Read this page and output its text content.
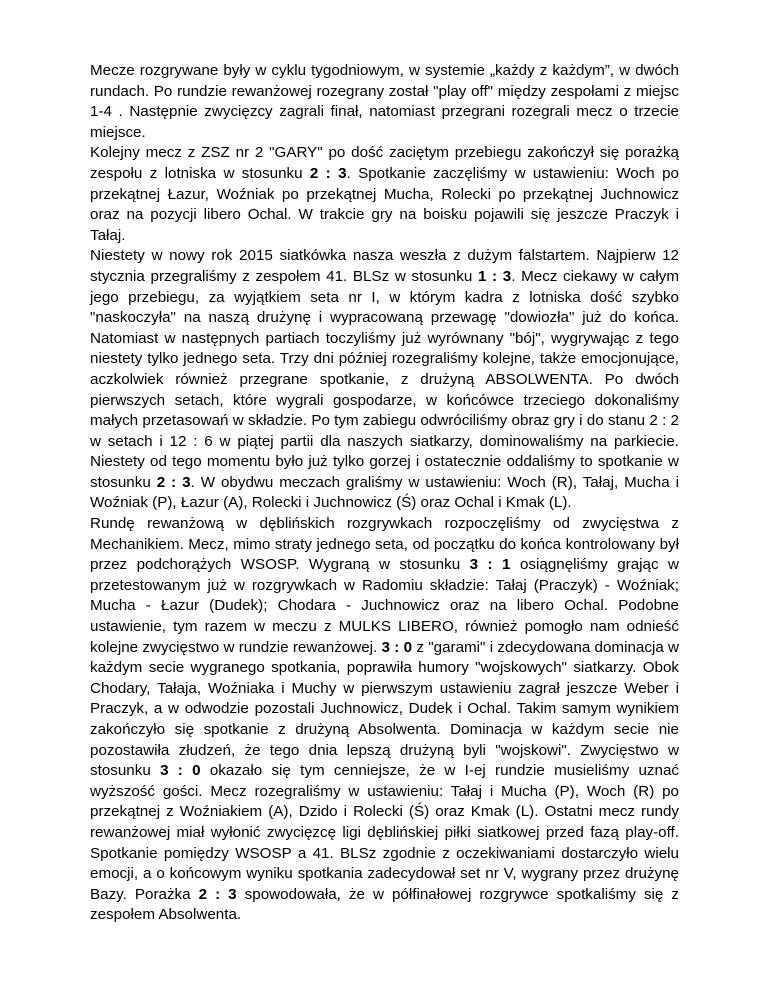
Mecze rozgrywane były w cyklu tygodniowym, w systemie „każdy z każdym”, w dwóch rundach. Po rundzie rewanżowej rozegrany został "play off" między zespołami z miejsc 1-4 . Następnie zwycięzcy zagrali finał, natomiast przegrani rozegrali mecz o trzecie miejsce.

Kolejny mecz z ZSZ nr 2 "GARY" po dość zaciętym przebiegu zakończył się porażką zespołu z lotniska w stosunku 2 : 3. Spotkanie zaczęliśmy w ustawieniu: Woch po przekątnej Łazur, Woźniak po przekątnej Mucha, Rolecki po przekątnej Juchnowicz oraz na pozycji libero Ochal. W trakcie gry na boisku pojawili się jeszcze Praczyk i Tałaj.

Niestety w nowy rok 2015 siatkówka nasza weszła z dużym falstartem. Najpierw 12 stycznia przegraliśmy z zespołem 41. BLSz w stosunku 1 : 3. Mecz ciekawy w całym jego przebiegu, za wyjątkiem seta nr I, w którym kadra z lotniska dość szybko "naskoczyła" na naszą drużynę i wypracowaną przewagę "dowiozła" już do końca. Natomiast w następnych partiach toczyliśmy już wyrównany "bój", wygrywając z tego niestety tylko jednego seta. Trzy dni później rozegraliśmy kolejne, także emocjonujące, aczkolwiek również przegrane spotkanie, z drużyną ABSOLWENTA. Po dwóch pierwszych setach, które wygrali gospodarze, w końcówce trzeciego dokonaliśmy małych przetasowań w składzie. Po tym zabiegu odwróciliśmy obraz gry i do stanu 2 : 2 w setach i 12 : 6 w piątej partii dla naszych siatkarzy, dominowaliśmy na parkiecie. Niestety od tego momentu było już tylko gorzej i ostatecznie oddaliśmy to spotkanie w stosunku 2 : 3. W obydwu meczach graliśmy w ustawieniu: Woch (R), Tałaj, Mucha i Woźniak (P), Łazur (A), Rolecki i Juchnowicz (Ś) oraz Ochal i Kmak (L).

Rundę rewanżową w dęblińskich rozgrywkach rozpoczęliśmy od zwycięstwa z Mechanikiem. Mecz, mimo straty jednego seta, od początku do końca kontrolowany był przez podchorążych WSOSP. Wygraną w stosunku 3 : 1 osiągnęliśmy grając w przetestowanym już w rozgrywkach w Radomiu składzie: Tałaj (Praczyk) - Woźniak; Mucha - Łazur (Dudek); Chodara - Juchnowicz oraz na libero Ochal. Podobne ustawienie, tym razem w meczu z MULKS LIBERO, również pomogło nam odnieść kolejne zwycięstwo w rundzie rewanżowej. 3 : 0 z "garami" i zdecydowana dominacja w każdym secie wygranego spotkania, poprawiła humory "wojskowych" siatkarzy. Obok Chodary, Tałaja, Woźniaka i Muchy w pierwszym ustawieniu zagrał jeszcze Weber i Praczyk, a w odwodzie pozostali Juchnowicz, Dudek i Ochal. Takim samym wynikiem zakończyło się spotkanie z drużyną Absolwenta. Dominacja w każdym secie nie pozostawiła złudzeń, że tego dnia lepszą drużyną byli "wojskowi". Zwycięstwo w stosunku 3 : 0 okazało się tym cenniejsze, że w I-ej rundzie musieliśmy uznać wyższość gości. Mecz rozegraliśmy w ustawieniu: Tałaj i Mucha (P), Woch (R) po przekątnej z Woźniakiem (A), Dzido i Rolecki (Ś) oraz Kmak (L). Ostatni mecz rundy rewanżowej miał wyłonić zwycięzcę ligi dęblińskiej piłki siatkowej przed fazą play-off. Spotkanie pomiędzy WSOSP a 41. BLSz zgodnie z oczekiwaniami dostarczyło wielu emocji, a o końcowym wyniku spotkania zadecydował set nr V, wygrany przez drużynę Bazy. Porażka 2 : 3 spowodowała, że w półfinałowej rozgrywce spotkaliśmy się z zespołem Absolwenta.
